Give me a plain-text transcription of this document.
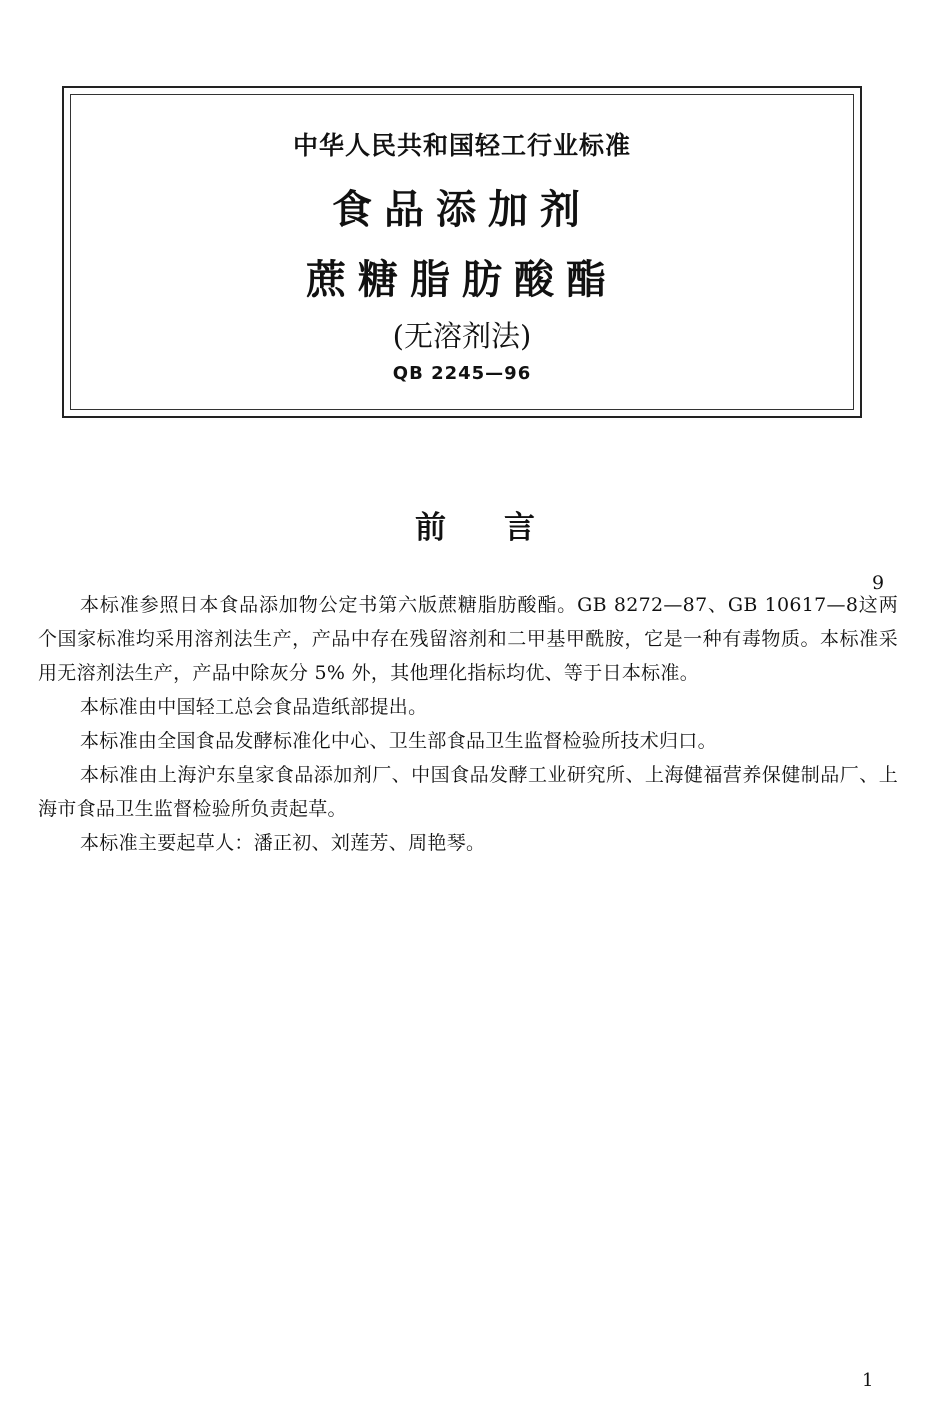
中华人民共和国轻工行业标准

食品添加剂

蔗糖脂肪酸酯

(无溶剂法)

QB 2245—96

前 言

9

本标准参照日本食品添加物公定书第六版蔗糖脂肪酸酯。GB 8272—87、GB 10617—8这两个国家标准均采用溶剂法生产，产品中存在残留溶剂和二甲基甲酰胺，它是一种有毒物质。本标准采用无溶剂法生产，产品中除灰分 5% 外，其他理化指标均优、等于日本标准。

本标准由中国轻工总会食品造纸部提出。

本标准由全国食品发酵标准化中心、卫生部食品卫生监督检验所技术归口。

本标准由上海沪东皇家食品添加剂厂、中国食品发酵工业研究所、上海健福营养保健制品厂、上海市食品卫生监督检验所负责起草。

本标准主要起草人：潘正初、刘莲芳、周艳琴。

1
